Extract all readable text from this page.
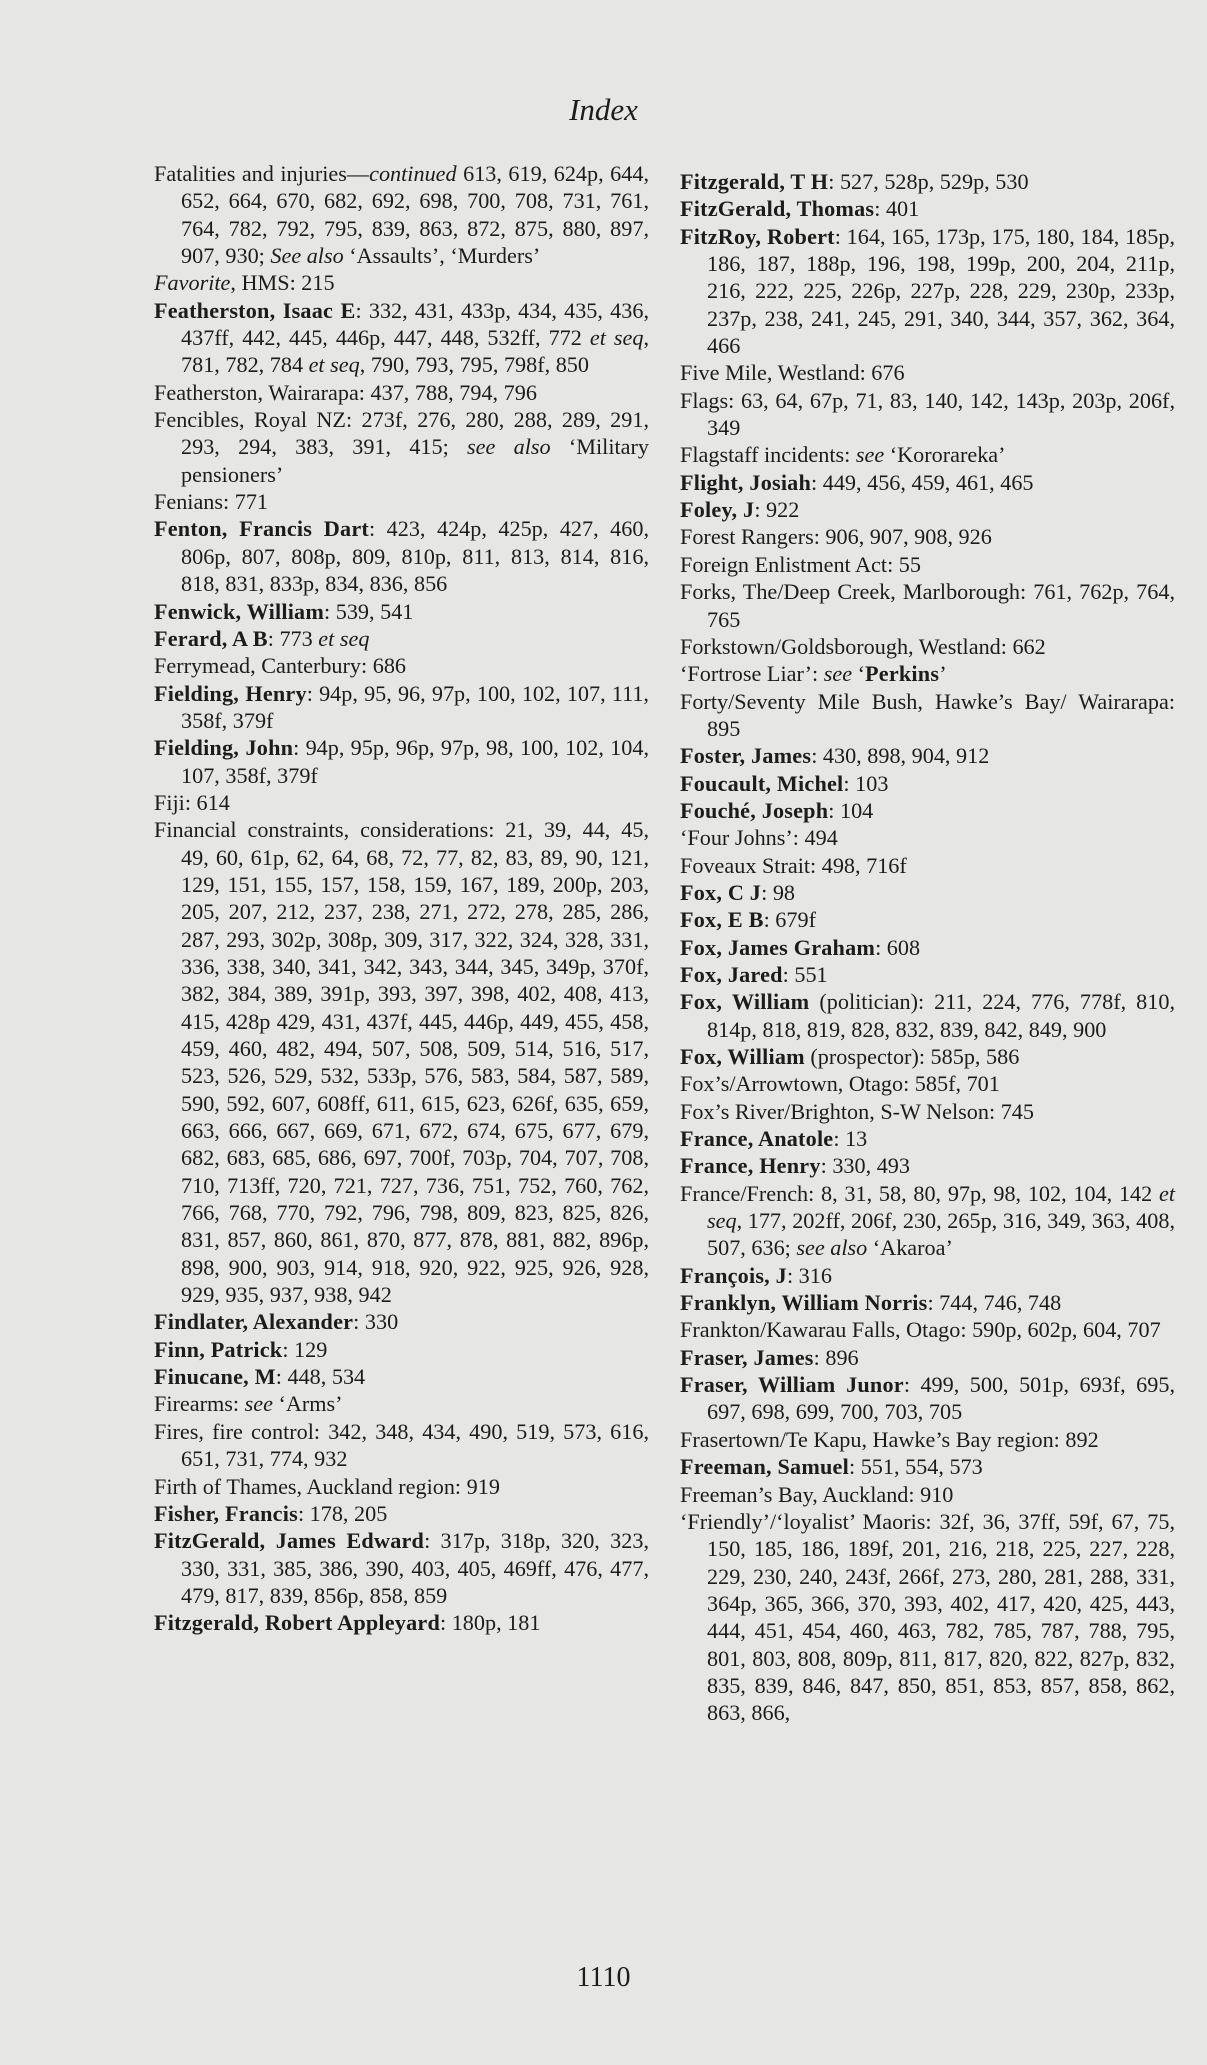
Index
Fatalities and injuries—continued 613, 619, 624p, 644, 652, 664, 670, 682, 692, 698, 700, 708, 731, 761, 764, 782, 792, 795, 839, 863, 872, 875, 880, 897, 907, 930; See also ‘Assaults’, ‘Murders’
Favorite, HMS: 215
Featherston, Isaac E: 332, 431, 433p, 434, 435, 436, 437ff, 442, 445, 446p, 447, 448, 532ff, 772 et seq, 781, 782, 784 et seq, 790, 793, 795, 798f, 850
Featherston, Wairarapa: 437, 788, 794, 796
Fencibles, Royal NZ: 273f, 276, 280, 288, 289, 291, 293, 294, 383, 391, 415; see also ‘Military pensioners’
Fenians: 771
Fenton, Francis Dart: 423, 424p, 425p, 427, 460, 806p, 807, 808p, 809, 810p, 811, 813, 814, 816, 818, 831, 833p, 834, 836, 856
Fenwick, William: 539, 541
Ferard, A B: 773 et seq
Ferrymead, Canterbury: 686
Fielding, Henry: 94p, 95, 96, 97p, 100, 102, 107, 111, 358f, 379f
Fielding, John: 94p, 95p, 96p, 97p, 98, 100, 102, 104, 107, 358f, 379f
Fiji: 614
Financial constraints, considerations: 21, 39, 44, 45, 49, 60, 61p, 62, 64, 68, 72, 77, 82, 83, 89, 90, 121, 129, 151, 155, 157, 158, 159, 167, 189, 200p, 203, 205, 207, 212, 237, 238, 271, 272, 278, 285, 286, 287, 293, 302p, 308p, 309, 317, 322, 324, 328, 331, 336, 338, 340, 341, 342, 343, 344, 345, 349p, 370f, 382, 384, 389, 391p, 393, 397, 398, 402, 408, 413, 415, 428p 429, 431, 437f, 445, 446p, 449, 455, 458, 459, 460, 482, 494, 507, 508, 509, 514, 516, 517, 523, 526, 529, 532, 533p, 576, 583, 584, 587, 589, 590, 592, 607, 608ff, 611, 615, 623, 626f, 635, 659, 663, 666, 667, 669, 671, 672, 674, 675, 677, 679, 682, 683, 685, 686, 697, 700f, 703p, 704, 707, 708, 710, 713ff, 720, 721, 727, 736, 751, 752, 760, 762, 766, 768, 770, 792, 796, 798, 809, 823, 825, 826, 831, 857, 860, 861, 870, 877, 878, 881, 882, 896p, 898, 900, 903, 914, 918, 920, 922, 925, 926, 928, 929, 935, 937, 938, 942
Findlater, Alexander: 330
Finn, Patrick: 129
Finucane, M: 448, 534
Firearms: see ‘Arms’
Fires, fire control: 342, 348, 434, 490, 519, 573, 616, 651, 731, 774, 932
Firth of Thames, Auckland region: 919
Fisher, Francis: 178, 205
FitzGerald, James Edward: 317p, 318p, 320, 323, 330, 331, 385, 386, 390, 403, 405, 469ff, 476, 477, 479, 817, 839, 856p, 858, 859
Fitzgerald, Robert Appleyard: 180p, 181
Fitzgerald, T H: 527, 528p, 529p, 530
FitzGerald, Thomas: 401
FitzRoy, Robert: 164, 165, 173p, 175, 180, 184, 185p, 186, 187, 188p, 196, 198, 199p, 200, 204, 211p, 216, 222, 225, 226p, 227p, 228, 229, 230p, 233p, 237p, 238, 241, 245, 291, 340, 344, 357, 362, 364, 466
Five Mile, Westland: 676
Flags: 63, 64, 67p, 71, 83, 140, 142, 143p, 203p, 206f, 349
Flagstaff incidents: see ‘Kororareka’
Flight, Josiah: 449, 456, 459, 461, 465
Foley, J: 922
Forest Rangers: 906, 907, 908, 926
Foreign Enlistment Act: 55
Forks, The/Deep Creek, Marlborough: 761, 762p, 764, 765
Forkstown/Goldsborough, Westland: 662
‘Fortrose Liar’: see ‘Perkins’
Forty/Seventy Mile Bush, Hawke’s Bay/ Wairarapa: 895
Foster, James: 430, 898, 904, 912
Foucault, Michel: 103
Fouché, Joseph: 104
‘Four Johns’: 494
Foveaux Strait: 498, 716f
Fox, C J: 98
Fox, E B: 679f
Fox, James Graham: 608
Fox, Jared: 551
Fox, William (politician): 211, 224, 776, 778f, 810, 814p, 818, 819, 828, 832, 839, 842, 849, 900
Fox, William (prospector): 585p, 586
Fox’s/Arrowtown, Otago: 585f, 701
Fox’s River/Brighton, S-W Nelson: 745
France, Anatole: 13
France, Henry: 330, 493
France/French: 8, 31, 58, 80, 97p, 98, 102, 104, 142 et seq, 177, 202ff, 206f, 230, 265p, 316, 349, 363, 408, 507, 636; see also ‘Akaroa’
François, J: 316
Franklyn, William Norris: 744, 746, 748
Frankton/Kawarau Falls, Otago: 590p, 602p, 604, 707
Fraser, James: 896
Fraser, William Junor: 499, 500, 501p, 693f, 695, 697, 698, 699, 700, 703, 705
Frasertown/Te Kapu, Hawke’s Bay region: 892
Freeman, Samuel: 551, 554, 573
Freeman’s Bay, Auckland: 910
‘Friendly’/‘loyalist’ Maoris: 32f, 36, 37ff, 59f, 67, 75, 150, 185, 186, 189f, 201, 216, 218, 225, 227, 228, 229, 230, 240, 243f, 266f, 273, 280, 281, 288, 331, 364p, 365, 366, 370, 393, 402, 417, 420, 425, 443, 444, 451, 454, 460, 463, 782, 785, 787, 788, 795, 801, 803, 808, 809p, 811, 817, 820, 822, 827p, 832, 835, 839, 846, 847, 850, 851, 853, 857, 858, 862, 863, 866,
1110
